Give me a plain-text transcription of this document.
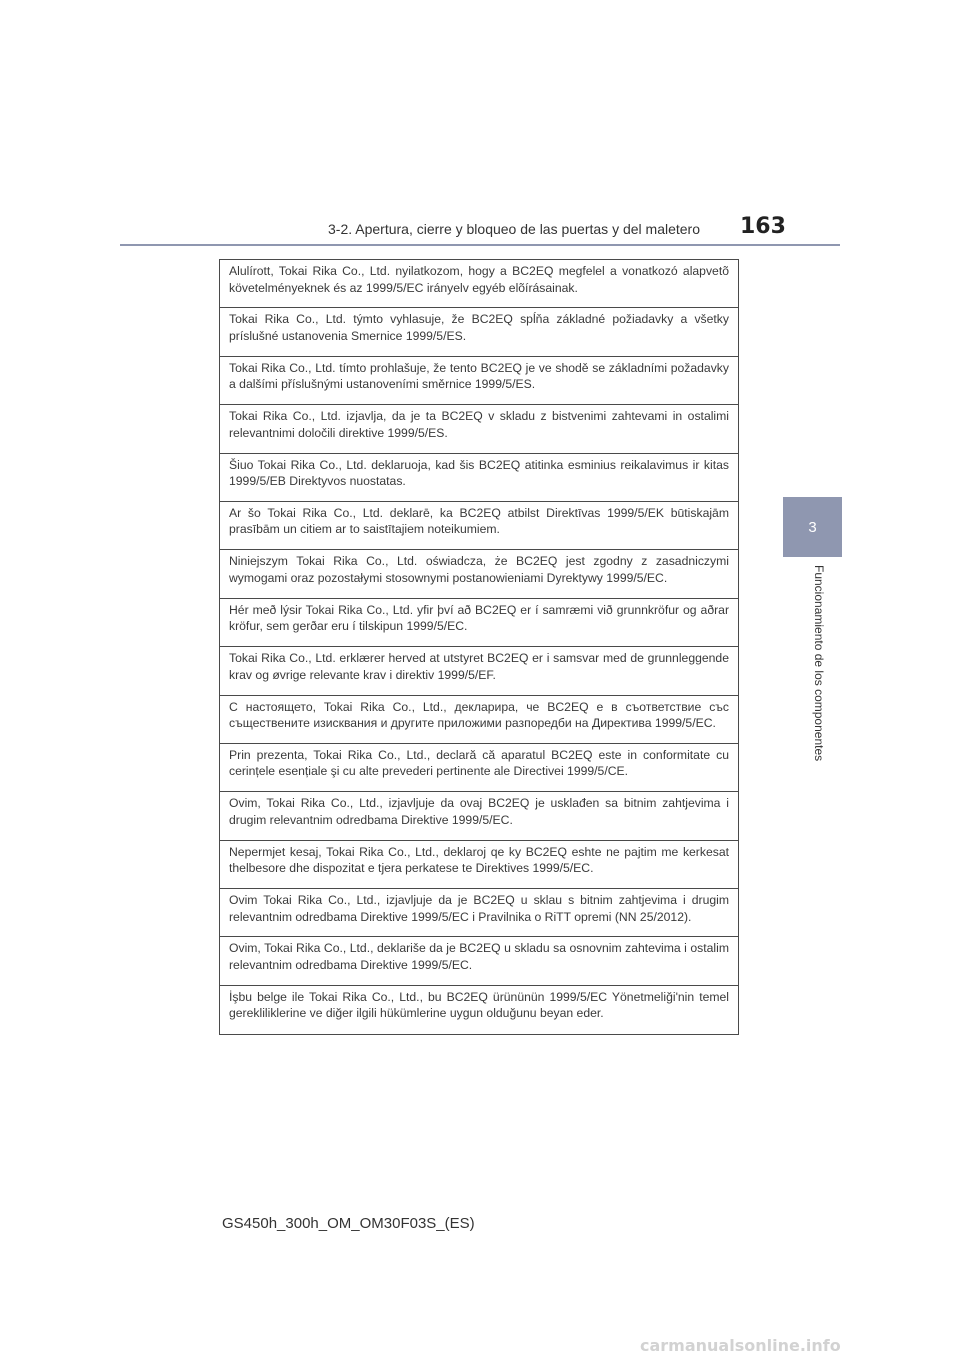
3-2. Apertura, cierre y bloqueo de las puertas y del maletero 163
3
Funcionamiento de los componentes
Alulírott, Tokai Rika Co., Ltd. nyilatkozom, hogy a BC2EQ megfelel a vonatkozó alapvetõ követelményeknek és az 1999/5/EC irányelv egyéb elõírásainak.
Tokai Rika Co., Ltd. týmto vyhlasuje, že BC2EQ spĺňa základné požiadavky a všetky príslušné ustanovenia Smernice 1999/5/ES.
Tokai Rika Co., Ltd. tímto prohlašuje, že tento BC2EQ je ve shodě se základními požadavky a dalšími příslušnými ustanoveními směrnice 1999/5/ES.
Tokai Rika Co., Ltd. izjavlja, da je ta BC2EQ v skladu z bistvenimi zahtevami in ostalimi relevantnimi določili direktive 1999/5/ES.
Šiuo Tokai Rika Co., Ltd. deklaruoja, kad šis BC2EQ atitinka esminius reikalavimus ir kitas 1999/5/EB Direktyvos nuostatas.
Ar šo Tokai Rika Co., Ltd. deklarē, ka BC2EQ atbilst Direktīvas 1999/5/EK būtiskajām prasībām un citiem ar to saistītajiem noteikumiem.
Niniejszym Tokai Rika Co., Ltd. oświadcza, że BC2EQ jest zgodny z zasadniczymi wymogami oraz pozostałymi stosownymi postanowieniami Dyrektywy 1999/5/EC.
Hér með lýsir Tokai Rika Co., Ltd. yfir því að BC2EQ er í samræmi við grunnkröfur og aðrar kröfur, sem gerðar eru í tilskipun 1999/5/EC.
Tokai Rika Co., Ltd. erklærer herved at utstyret BC2EQ er i samsvar med de grunnleggende krav og øvrige relevante krav i direktiv 1999/5/EF.
С настоящето, Tokai Rika Co., Ltd., декларира, че BC2EQ е в съответствие със съществените изисквания и другите приложими разпоредби на Директива 1999/5/EC.
Prin prezenta, Tokai Rika Co., Ltd., declară că aparatul BC2EQ este in conformitate cu cerințele esențiale şi cu alte prevederi pertinente ale Directivei 1999/5/CE.
Ovim, Tokai Rika Co., Ltd., izjavljuje da ovaj BC2EQ je usklađen sa bitnim zahtjevima i drugim relevantnim odredbama Direktive 1999/5/EC.
Nepermjet kesaj, Tokai Rika Co., Ltd., deklaroj qe ky BC2EQ eshte ne pajtim me kerkesat thelbesore dhe dispozitat e tjera perkatese te Direktives 1999/5/EC.
Ovim Tokai Rika Co., Ltd., izjavljuje da je BC2EQ u sklau s bitnim zahtjevima i drugim relevantnim odredbama Direktive 1999/5/EC i Pravilnika o RiTT opremi (NN 25/2012).
Ovim, Tokai Rika Co., Ltd., deklariše da je BC2EQ u skladu sa osnovnim zahtevima i ostalim relevantnim odredbama Direktive 1999/5/EC.
İşbu belge ile Tokai Rika Co., Ltd., bu BC2EQ ürününün 1999/5/EC Yönetmeliği'nin temel gerekliliklerine ve diğer ilgili hükümlerine uygun olduğunu beyan eder.
GS450h_300h_OM_OM30F03S_(ES)
carmanualsonline.info
